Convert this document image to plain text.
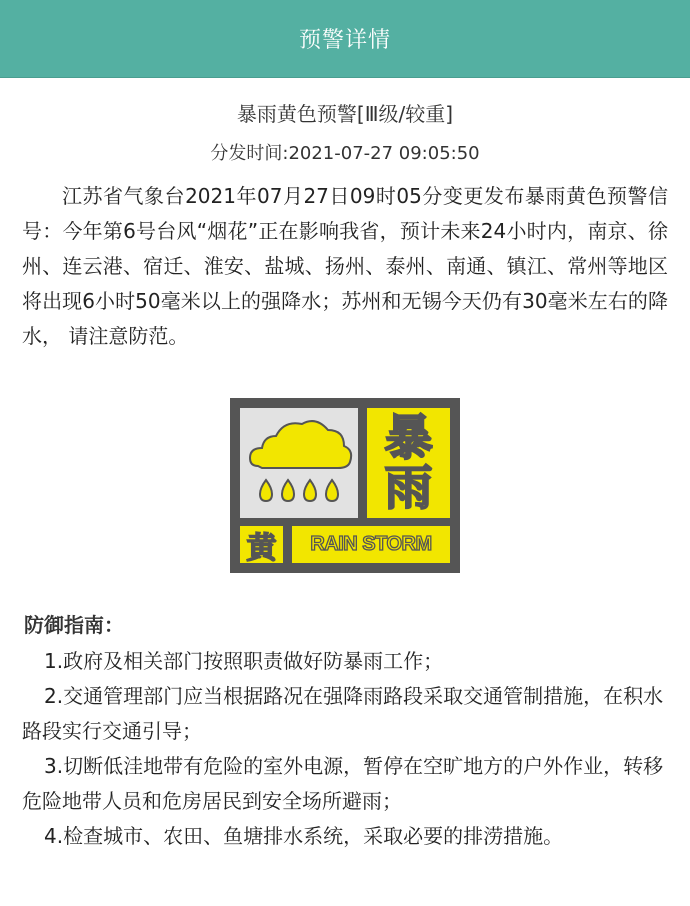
预警详情
暴雨黄色预警[Ⅲ级/较重]
分发时间:2021-07-27 09:05:50
江苏省气象台2021年07月27日09时05分变更发布暴雨黄色预警信号：今年第6号台风“烟花”正在影响我省，预计未来24小时内，南京、徐州、连云港、宿迁、淮安、盐城、扬州、泰州、南通、镇江、常州等地区将出现6小时50毫米以上的强降水；苏州和无锡今天仍有30毫米左右的降水， 请注意防范。
暴
雨
黄 RAIN STORM
防御指南：
1.政府及相关部门按照职责做好防暴雨工作；
2.交通管理部门应当根据路况在强降雨路段采取交通管制措施，在积水路段实行交通引导；
3.切断低洼地带有危险的室外电源，暂停在空旷地方的户外作业，转移危险地带人员和危房居民到安全场所避雨；
4.检查城市、农田、鱼塘排水系统，采取必要的排涝措施。
